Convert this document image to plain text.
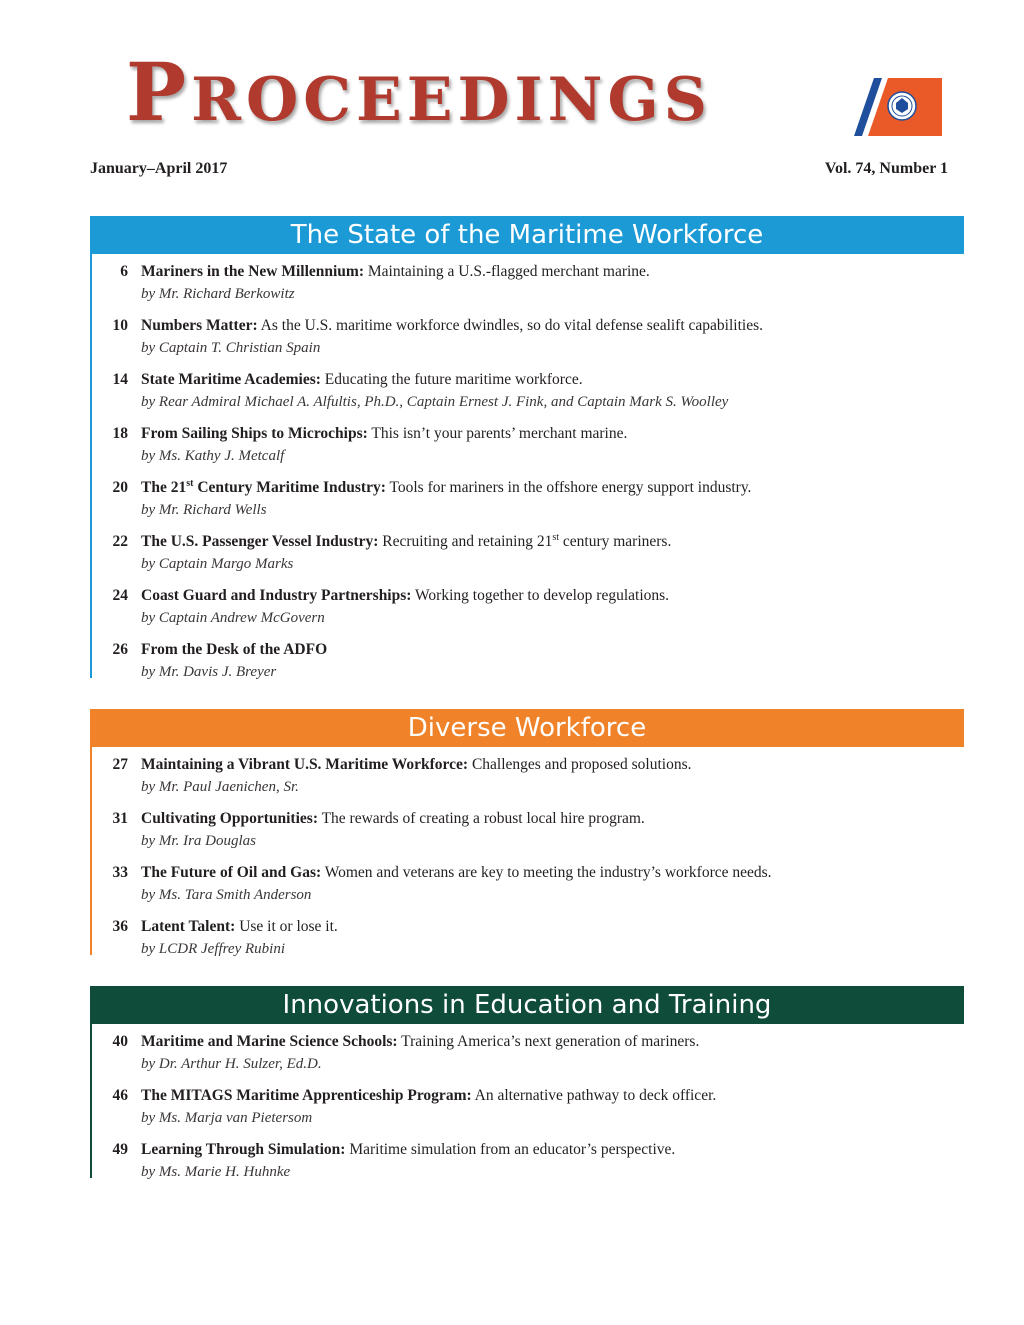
PROCEEDINGS
January–April 2017	Vol. 74, Number 1
The State of the Maritime Workforce
6 Mariners in the New Millennium: Maintaining a U.S.-flagged merchant marine.
by Mr. Richard Berkowitz
10 Numbers Matter: As the U.S. maritime workforce dwindles, so do vital defense sealift capabilities.
by Captain T. Christian Spain
14 State Maritime Academies: Educating the future maritime workforce.
by Rear Admiral Michael A. Alfultis, Ph.D., Captain Ernest J. Fink, and Captain Mark S. Woolley
18 From Sailing Ships to Microchips: This isn’t your parents’ merchant marine.
by Ms. Kathy J. Metcalf
20 The 21st Century Maritime Industry: Tools for mariners in the offshore energy support industry.
by Mr. Richard Wells
22 The U.S. Passenger Vessel Industry: Recruiting and retaining 21st century mariners.
by Captain Margo Marks
24 Coast Guard and Industry Partnerships: Working together to develop regulations.
by Captain Andrew McGovern
26 From the Desk of the ADFO
by Mr. Davis J. Breyer
Diverse Workforce
27 Maintaining a Vibrant U.S. Maritime Workforce: Challenges and proposed solutions.
by Mr. Paul Jaenichen, Sr.
31 Cultivating Opportunities: The rewards of creating a robust local hire program.
by Mr. Ira Douglas
33 The Future of Oil and Gas: Women and veterans are key to meeting the industry’s workforce needs.
by Ms. Tara Smith Anderson
36 Latent Talent: Use it or lose it.
by LCDR Jeffrey Rubini
Innovations in Education and Training
40 Maritime and Marine Science Schools: Training America’s next generation of mariners.
by Dr. Arthur H. Sulzer, Ed.D.
46 The MITAGS Maritime Apprenticeship Program: An alternative pathway to deck officer.
by Ms. Marja van Pietersom
49 Learning Through Simulation: Maritime simulation from an educator’s perspective.
by Ms. Marie H. Huhnke
